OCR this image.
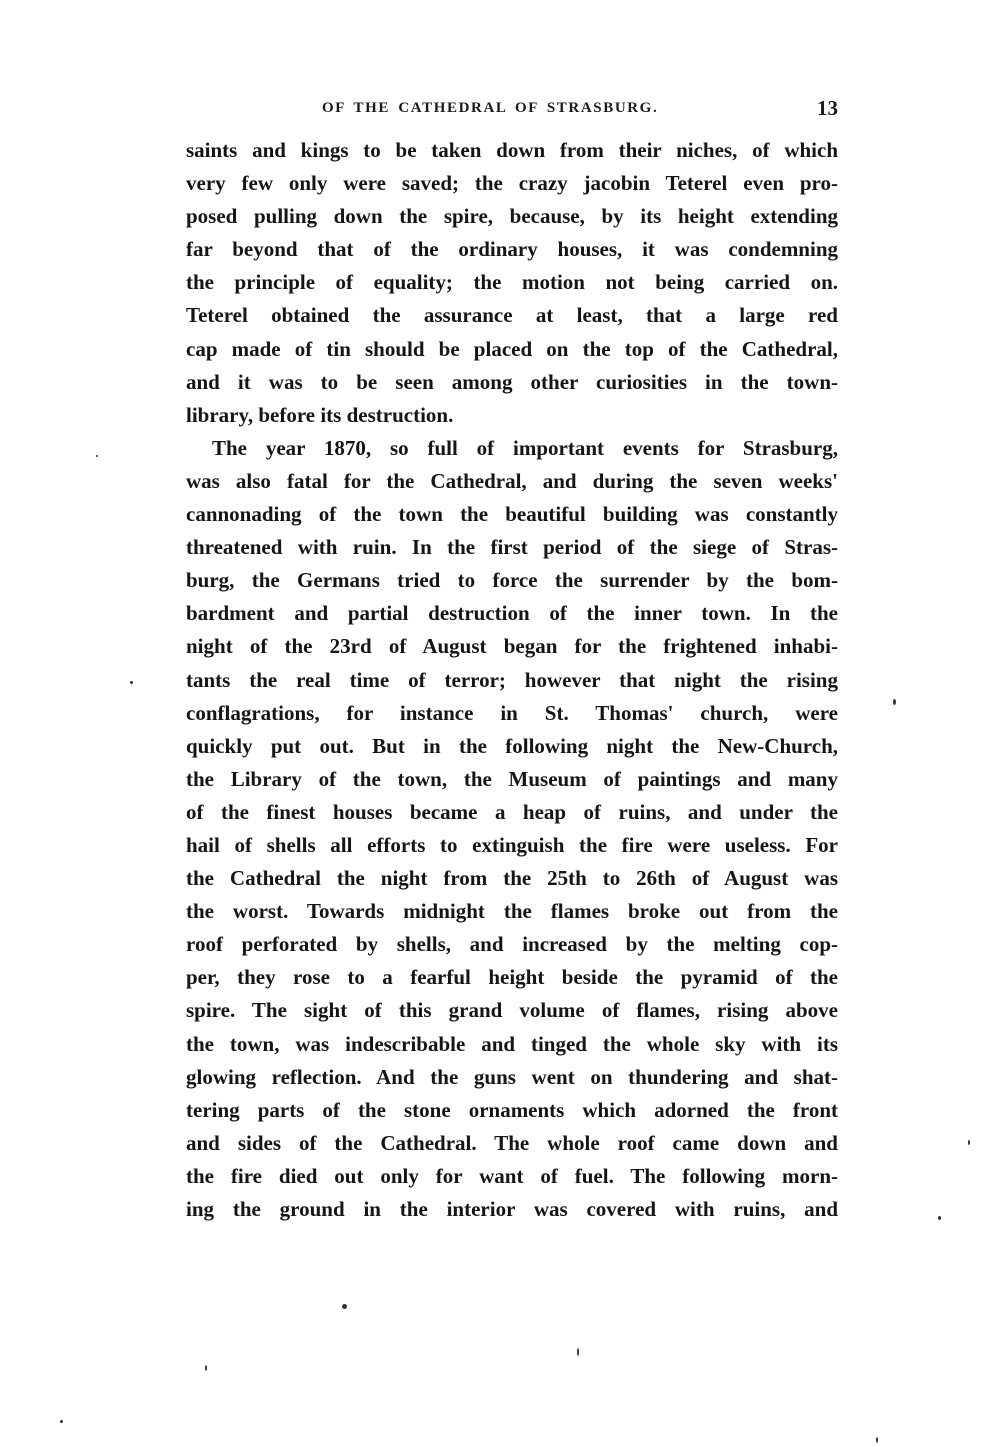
OF THE CATHEDRAL OF STRASBURG.	13
saints and kings to be taken down from their niches, of which
very few only were saved; the crazy jacobin Teterel even pro-
posed pulling down the spire, because, by its height extending
far beyond that of the ordinary houses, it was condemning
the principle of equality; the motion not being carried on.
Teterel obtained the assurance at least, that a large red
cap made of tin should be placed on the top of the Cathedral,
and it was to be seen among other curiosities in the town-
library, before its destruction.
The year 1870, so full of important events for Strasburg,
was also fatal for the Cathedral, and during the seven weeks'
cannonading of the town the beautiful building was constantly
threatened with ruin. In the first period of the siege of Stras-
burg, the Germans tried to force the surrender by the bom-
bardment and partial destruction of the inner town. In the
night of the 23rd of August began for the frightened inhabi-
tants the real time of terror; however that night the rising
conflagrations, for instance in St. Thomas' church, were
quickly put out. But in the following night the New-Church,
the Library of the town, the Museum of paintings and many
of the finest houses became a heap of ruins, and under the
hail of shells all efforts to extinguish the fire were useless. For
the Cathedral the night from the 25th to 26th of August was
the worst. Towards midnight the flames broke out from the
roof perforated by shells, and increased by the melting cop-
per, they rose to a fearful height beside the pyramid of the
spire. The sight of this grand volume of flames, rising above
the town, was indescribable and tinged the whole sky with its
glowing reflection. And the guns went on thundering and shat-
tering parts of the stone ornaments which adorned the front
and sides of the Cathedral. The whole roof came down and
the fire died out only for want of fuel. The following morn-
ing the ground in the interior was covered with ruins, and
